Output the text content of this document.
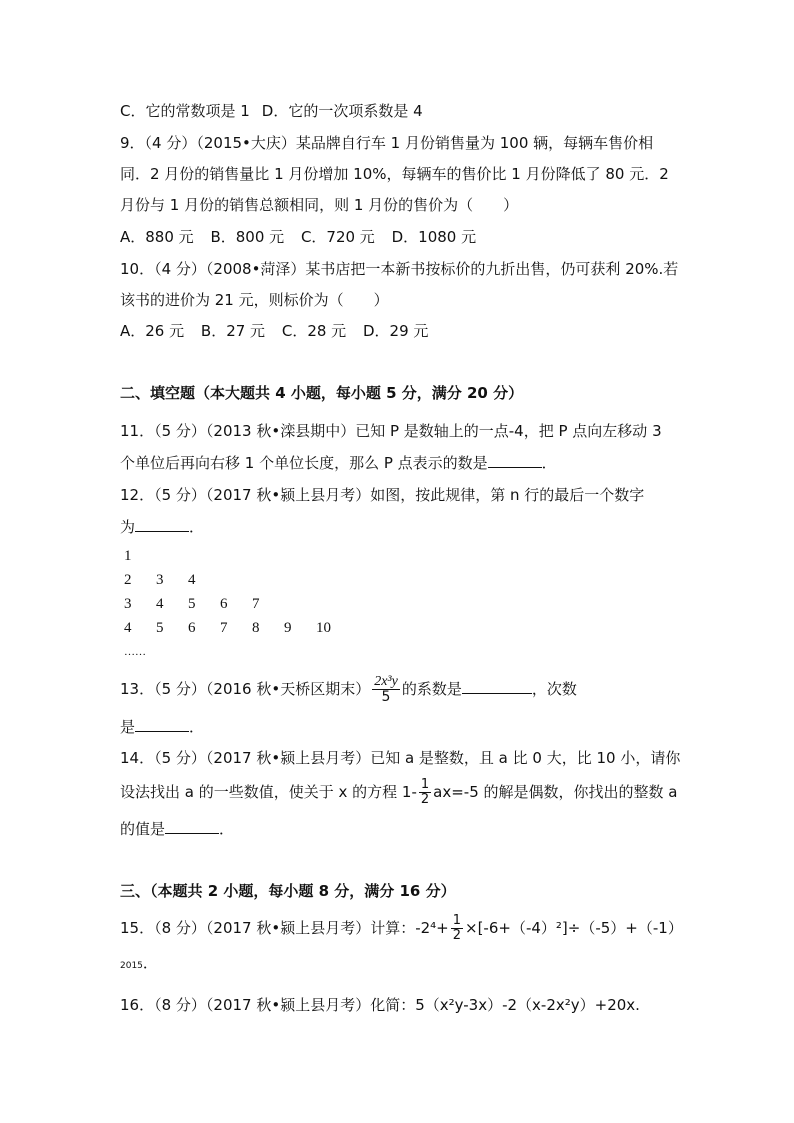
C．它的常数项是 1 D．它的一次项系数是 4
9．（4 分）（2015•大庆）某品牌自行车 1 月份销售量为 100 辆，每辆车售价相
同．2 月份的销售量比 1 月份增加 10%，每辆车的售价比 1 月份降低了 80 元．2
月份与 1 月份的销售总额相同，则 1 月份的售价为（　　）
A．880 元 B．800 元 C．720 元 D．1080 元
10．（4 分）（2008•菏泽）某书店把一本新书按标价的九折出售，仍可获利 20%.若
该书的进价为 21 元，则标价为（　　）
A．26 元 B．27 元 C．28 元 D．29 元
二、填空题（本大题共 4 小题，每小题 5 分，满分 20 分）
11．（5 分）（2013 秋•滦县期中）已知 P 是数轴上的一点-4，把 P 点向左移动 3
个单位后再向右移 1 个单位长度，那么 P 点表示的数是	．
12．（5 分）（2017 秋•颍上县月考）如图，按此规律，第 n 行的最后一个数字
为	．
1
2 3 4
3 4 5 6 7
4 5 6 7 8 9 10
……
13．（5 分）（2016 秋•天桥区期末） $\frac{\text{2x³y}}{5}$ 的系数是	，次数
是	．
14．（5 分）（2017 秋•颍上县月考）已知 a 是整数，且 a 比 0 大，比 10 小，请你
设法找出 a 的一些数值，使关于 x 的方程 $1- \frac{1}{2} ax=-5$ 的解是偶数，你找出的整数 a
的值是	．
三、（本题共 2 小题，每小题 8 分，满分 16 分）
15．（8 分）（2017 秋•颍上县月考）计算：$-2^4+ \frac{1}{2} \times[-6+(-4)^2]\div(-5)+(-1)$
2015．
16．（8 分）（2017 秋•颍上县月考）化简：5（x²y-3x）-2（x-2x²y）+20x.
